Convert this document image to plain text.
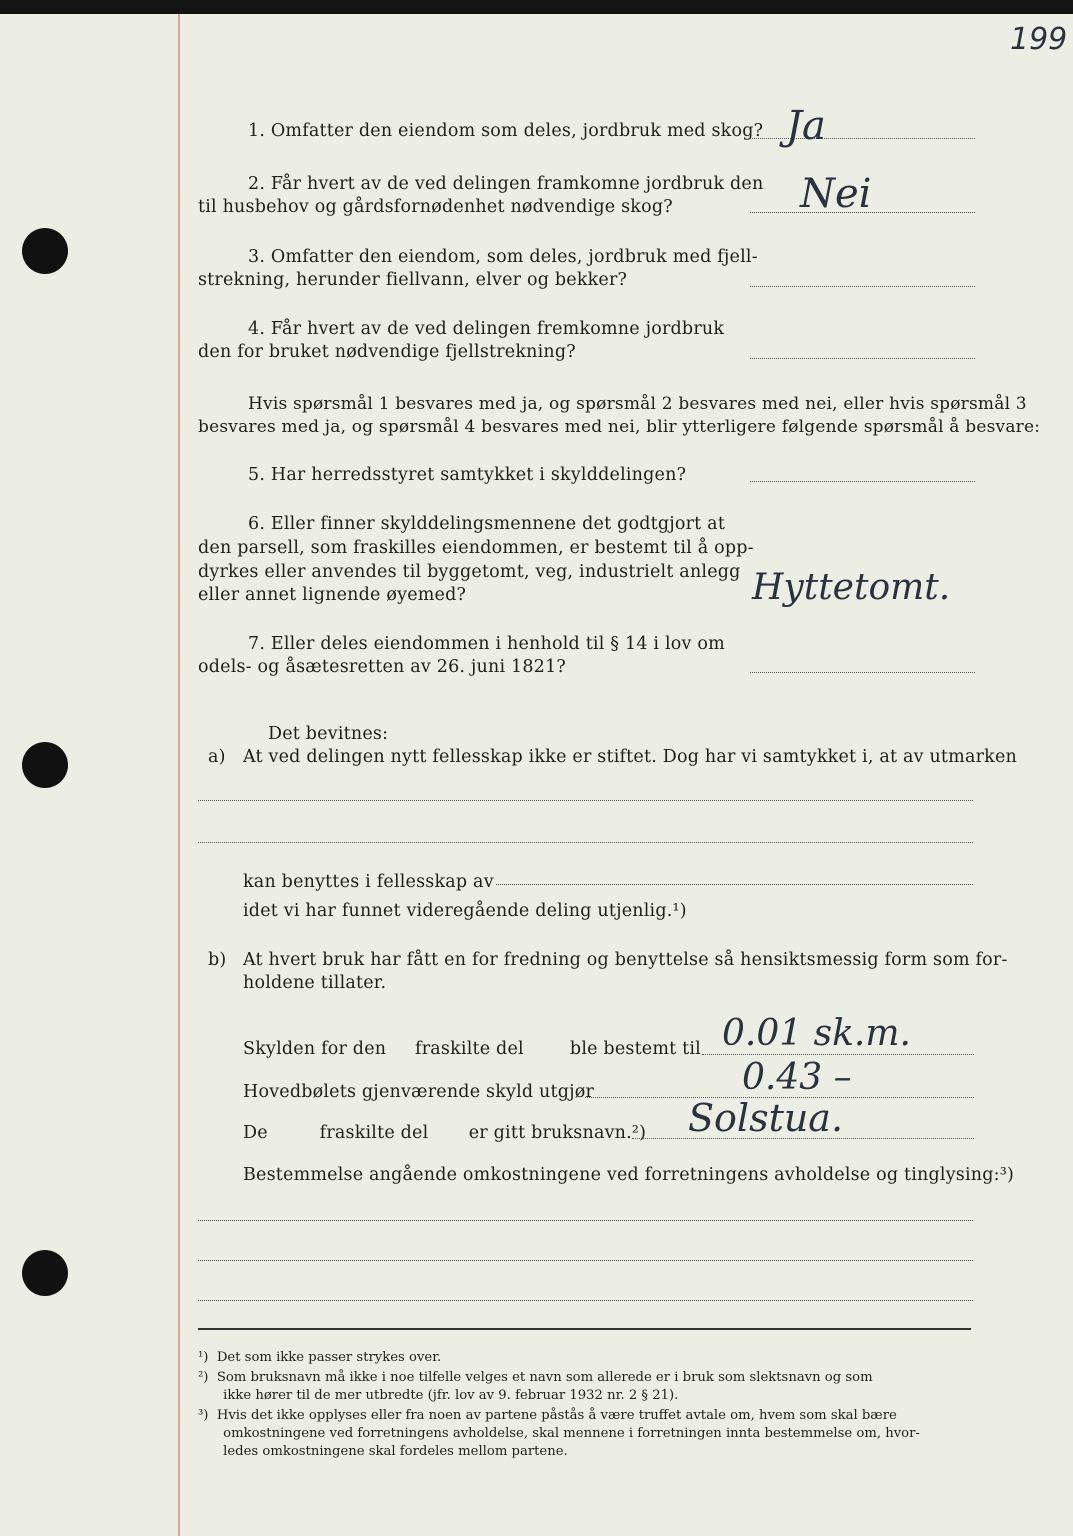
199
1. Omfatter den eiendom som deles, jordbruk med skog? Ja
2. Får hvert av de ved delingen framkomne jordbruk den
til husbehov og gårdsfornødenhet nødvendige skog?	Nei
3. Omfatter den eiendom, som deles, jordbruk med fjell-
strekning, herunder fiellvann, elver og bekker?
4. Får hvert av de ved delingen fremkomne jordbruk
den for bruket nødvendige fjellstrekning?
Hvis spørsmål 1 besvares med ja, og spørsmål 2 besvares med nei, eller hvis spørsmål 3
besvares med ja, og spørsmål 4 besvares med nei, blir ytterligere følgende spørsmål å besvare:
5. Har herredsstyret samtykket i skylddelingen?
6. Eller finner skylddelingsmennene det godtgjort at
den parsell, som fraskilles eiendommen, er bestemt til å opp-
dyrkes eller anvendes til byggetomt, veg, industrielt anlegg
eller annet lignende øyemed?	Hyttetomt.
7. Eller deles eiendommen i henhold til § 14 i lov om
odels- og åsætesretten av 26. juni 1821?
Det bevitnes:
a) At ved delingen nytt fellesskap ikke er stiftet. Dog har vi samtykket i, at av utmarken
kan benyttes i fellesskap av
idet vi har funnet videregående deling utjenlig.¹)
b) At hvert bruk har fått en for fredning og benyttelse så hensiktsmessig form som for-
holdene tillater.
Skylden for den     fraskilte del        ble bestemt til 0.01 sk.m.
Hovedbølets gjenværende skyld utgjør	0.43 –
De         fraskilte del       er gitt bruksnavn.²) Solstua.
Bestemmelse angående omkostningene ved forretningens avholdelse og tinglysing:³)
¹)  Det som ikke passer strykes over.
²)  Som bruksnavn må ikke i noe tilfelle velges et navn som allerede er i bruk som slektsnavn og som
ikke hører til de mer utbredte (jfr. lov av 9. februar 1932 nr. 2 § 21).
³)  Hvis det ikke opplyses eller fra noen av partene påstås å være truffet avtale om, hvem som skal bære
omkostningene ved forretningens avholdelse, skal mennene i forretningen innta bestemmelse om, hvor-
ledes omkostningene skal fordeles mellom partene.
